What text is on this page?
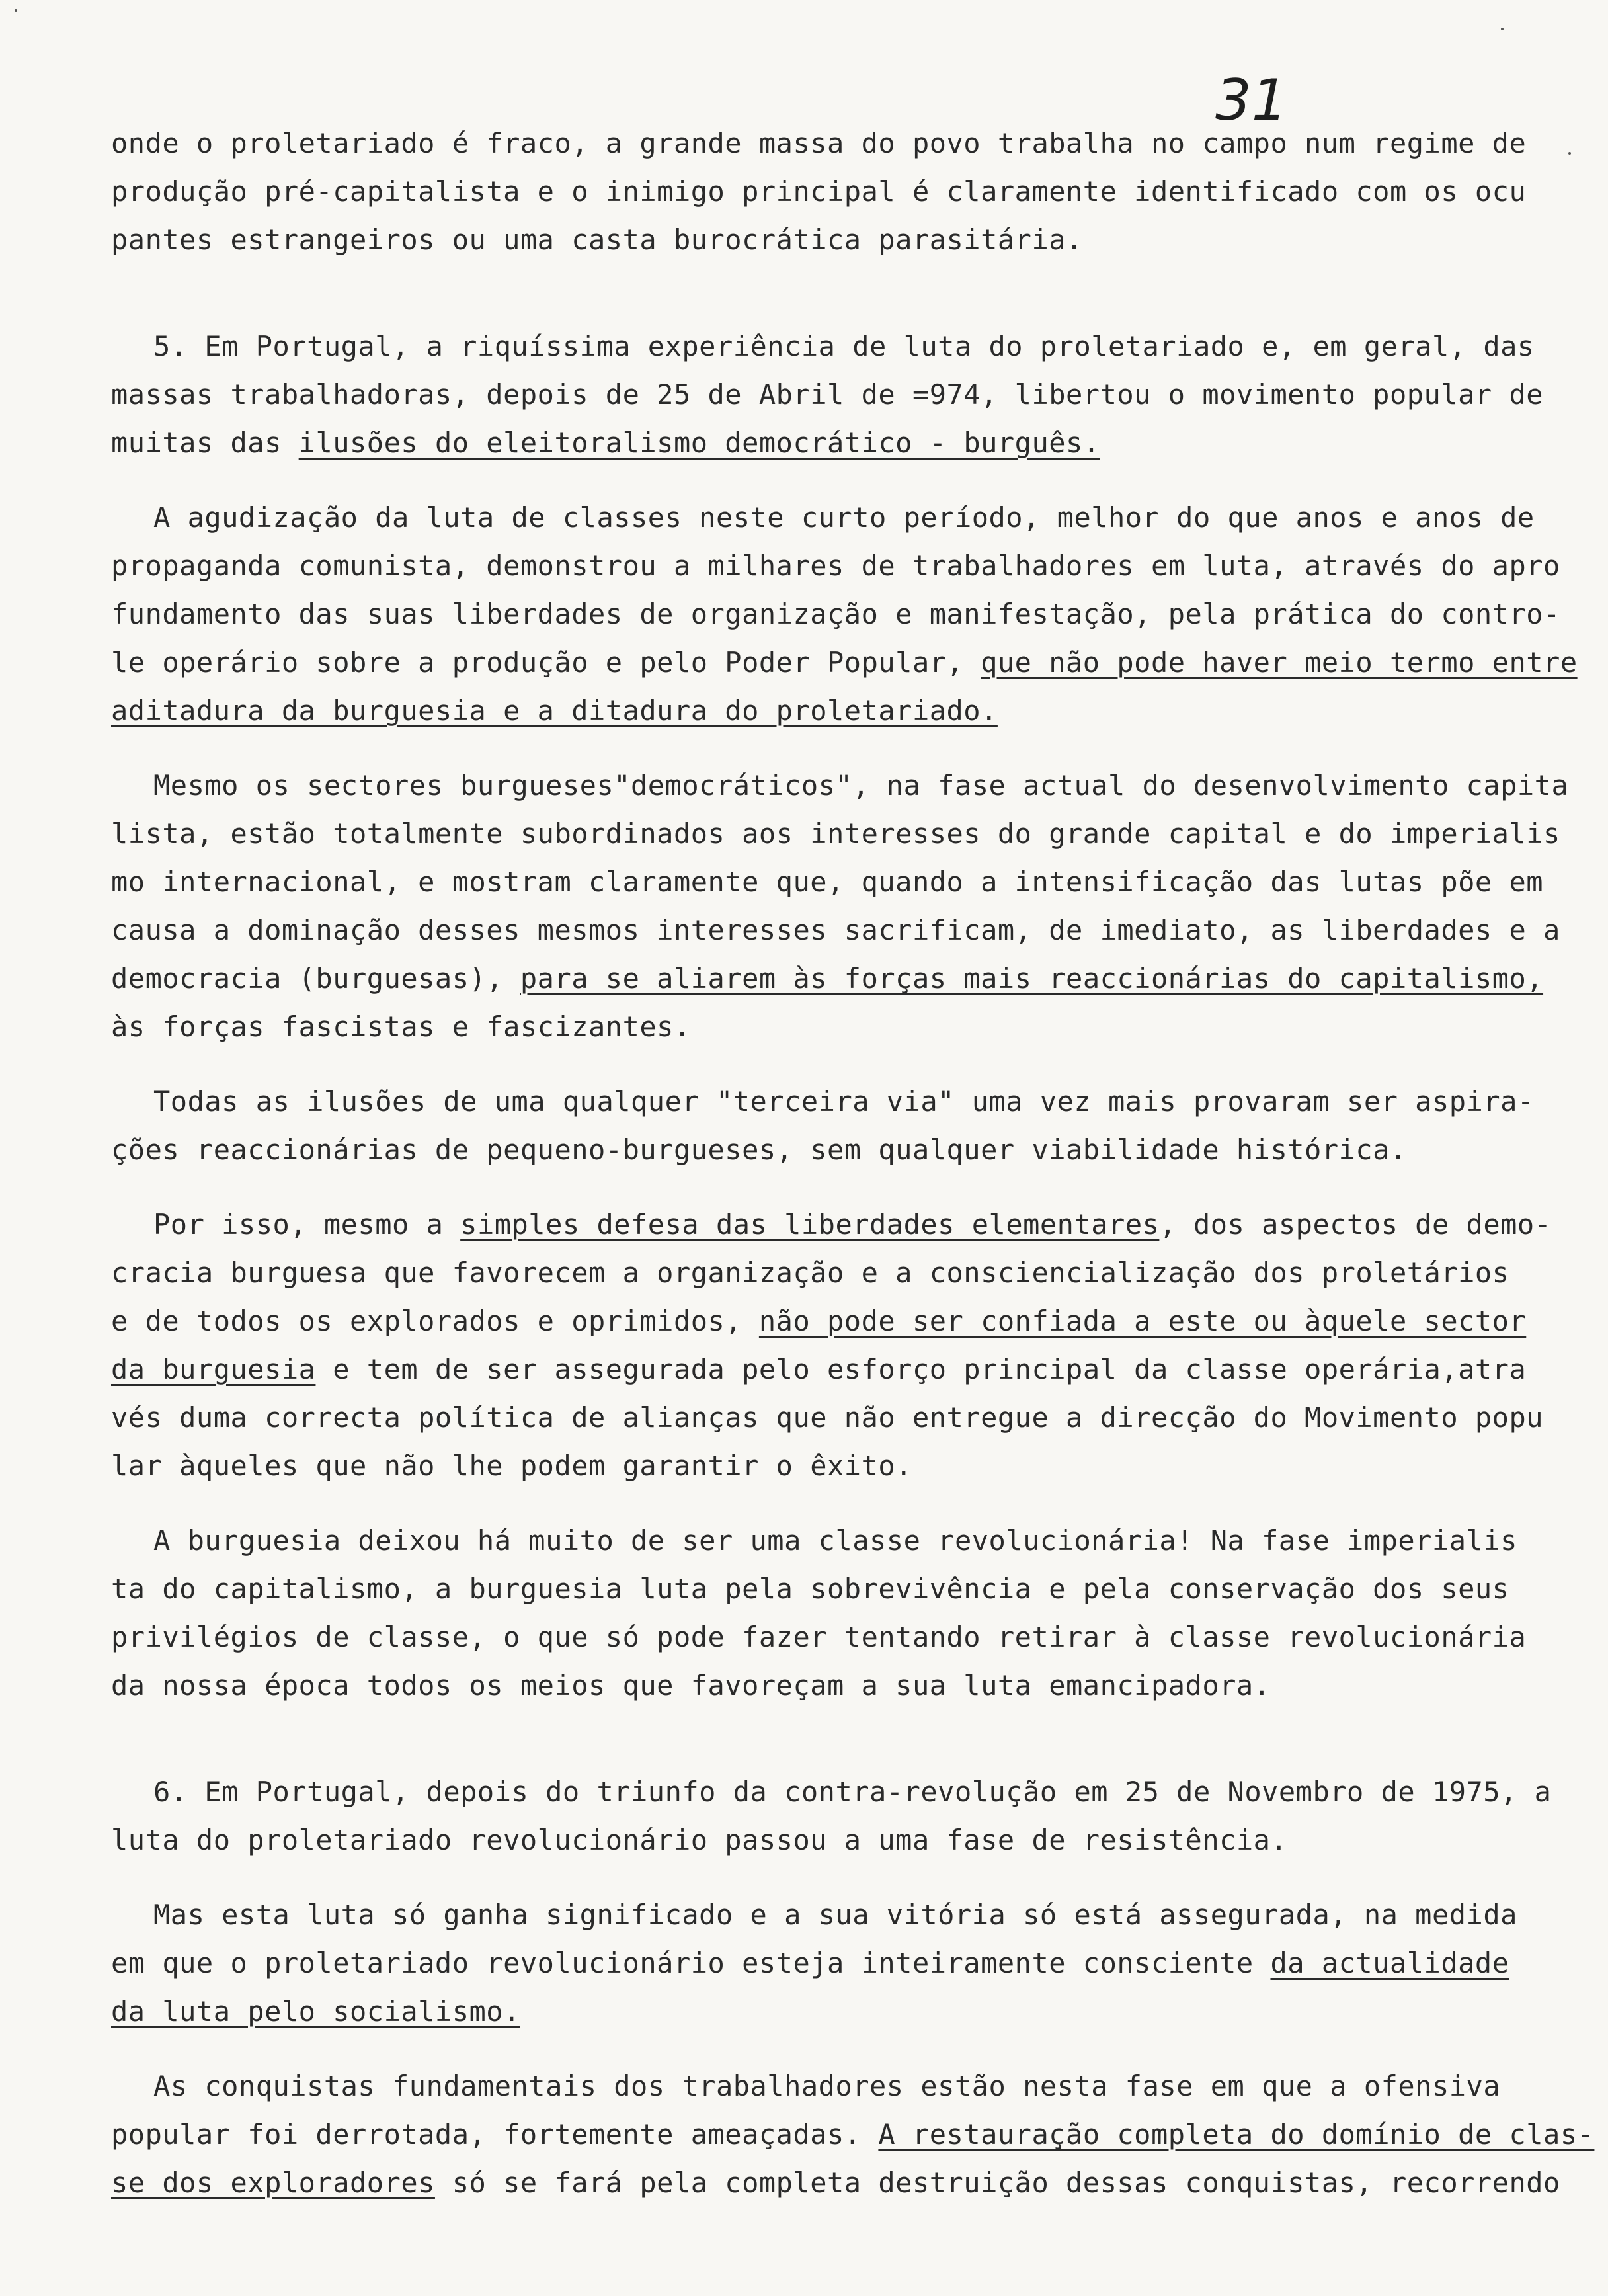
31
onde o proletariado é fraco, a grande massa do povo trabalha no campo num regime de
produção pré-capitalista e o inimigo principal é claramente identificado com os ocu
pantes estrangeiros ou uma casta burocrática parasitária.
5. Em Portugal, a riquíssima experiência de luta do proletariado e, em geral, das
massas trabalhadoras, depois de 25 de Abril de =974, libertou o movimento popular de
muitas das ilusões do eleitoralismo democrático - burguês.
A agudização da luta de classes neste curto período, melhor do que anos e anos de
propaganda comunista, demonstrou a milhares de trabalhadores em luta, através do apro
fundamento das suas liberdades de organização e manifestação, pela prática do contro-
le operário sobre a produção e pelo Poder Popular, que não pode haver meio termo entre
aditadura da burguesia e a ditadura do proletariado.
Mesmo os sectores burgueses"democráticos", na fase actual do desenvolvimento capita
lista, estão totalmente subordinados aos interesses do grande capital e do imperialis
mo internacional, e mostram claramente que, quando a intensificação das lutas põe em
causa a dominação desses mesmos interesses sacrificam, de imediato, as liberdades e a
democracia (burguesas), para se aliarem às forças mais reaccionárias do capitalismo,
às forças fascistas e fascizantes.
Todas as ilusões de uma qualquer "terceira via" uma vez mais provaram ser aspira-
ções reaccionárias de pequeno-burgueses, sem qualquer viabilidade histórica.
Por isso, mesmo a simples defesa das liberdades elementares, dos aspectos de demo-
cracia burguesa que favorecem a organização e a consciencialização dos proletários
e de todos os explorados e oprimidos, não pode ser confiada a este ou àquele sector
da burguesia e tem de ser assegurada pelo esforço principal da classe operária,atra
vés duma correcta política de alianças que não entregue a direcção do Movimento popu
lar àqueles que não lhe podem garantir o êxito.
A burguesia deixou há muito de ser uma classe revolucionária! Na fase imperialis
ta do capitalismo, a burguesia luta pela sobrevivência e pela conservação dos seus
privilégios de classe, o que só pode fazer tentando retirar à classe revolucionária
da nossa época todos os meios que favoreçam a sua luta emancipadora.
6. Em Portugal, depois do triunfo da contra-revolução em 25 de Novembro de 1975, a
luta do proletariado revolucionário passou a uma fase de resistência.
Mas esta luta só ganha significado e a sua vitória só está assegurada, na medida
em que o proletariado revolucionário esteja inteiramente consciente da actualidade
da luta pelo socialismo.
As conquistas fundamentais dos trabalhadores estão nesta fase em que a ofensiva
popular foi derrotada, fortemente ameaçadas. A restauração completa do domínio de clas-
se dos exploradores só se fará pela completa destruição dessas conquistas, recorrendo
